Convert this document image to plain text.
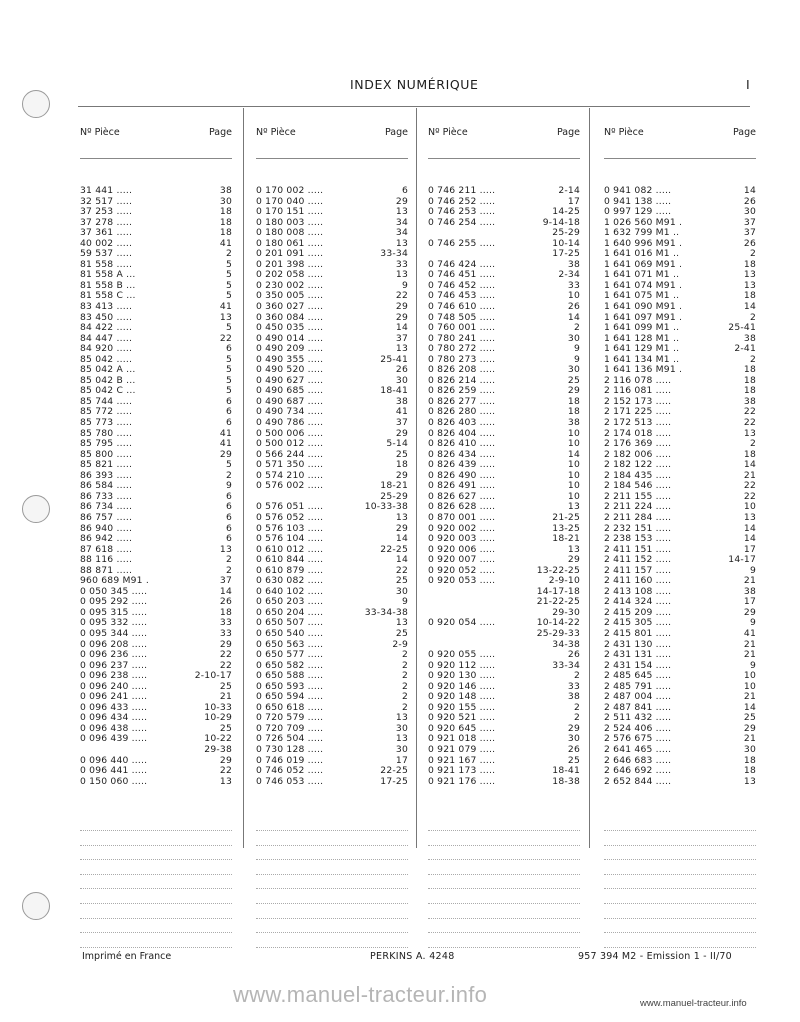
INDEX NUMÉRIQUE	I
Nº Pièce	Page
31 441 .....	38
32 517 .....	30
37 253 .....	18
37 278 .....	18
37 361 .....	18
40 002 .....	41
59 537 .....	2
81 558 .....	5
81 558 A ...	5
81 558 B ...	5
81 558 C ...	5
83 413 .....	41
83 450 .....	13
84 422 .....	5
84 447 .....	22
84 920 .....	6
85 042 .....	5
85 042 A ...	5
85 042 B ...	5
85 042 C ...	5
85 744 .....	6
85 772 .....	6
85 773 .....	6
85 780 .....	41
85 795 .....	41
85 800 .....	29
85 821 .....	5
86 393 .....	2
86 584 .....	9
86 733 .....	6
86 734 .....	6
86 757 .....	6
86 940 .....	6
86 942 .....	6
87 618 .....	13
88 116 .....	2
88 871 .....	2
960 689 M91 .	37
0 050 345 .....	14
0 095 292 .....	26
0 095 315 .....	18
0 095 332 .....	33
0 095 344 .....	33
0 096 208 .....	29
0 096 236 .....	22
0 096 237 .....	22
0 096 238 .....	2-10-17
0 096 240 .....	25
0 096 241 .....	21
0 096 433 .....	10-33
0 096 434 .....	10-29
0 096 438 .....	25
0 096 439 .....	10-22
29-38
0 096 440 .....	29
0 096 441 .....	22
0 150 060 .....	13
Nº Pièce	Page
0 170 002 .....	6
0 170 040 .....	29
0 170 151 .....	13
0 180 003 .....	34
0 180 008 .....	34
0 180 061 .....	13
0 201 091 .....	33-34
0 201 398 .....	33
0 202 058 .....	13
0 230 002 .....	9
0 350 005 .....	22
0 360 027 .....	29
0 360 084 .....	29
0 450 035 .....	14
0 490 014 .....	37
0 490 209 .....	13
0 490 355 .....	25-41
0 490 520 .....	26
0 490 627 .....	30
0 490 685 .....	18-41
0 490 687 .....	38
0 490 734 .....	41
0 490 786 .....	37
0 500 006 .....	29
0 500 012 .....	5-14
0 566 244 .....	25
0 571 350 .....	18
0 574 210 .....	29
0 576 002 .....	18-21
25-29
0 576 051 .....	10-33-38
0 576 052 .....	13
0 576 103 .....	29
0 576 104 .....	14
0 610 012 .....	22-25
0 610 844 .....	14
0 610 879 .....	22
0 630 082 .....	25
0 640 102 .....	30
0 650 203 .....	9
0 650 204 .....	33-34-38
0 650 507 .....	13
0 650 540 .....	25
0 650 563 .....	2-9
0 650 577 .....	2
0 650 582 .....	2
0 650 588 .....	2
0 650 593 .....	2
0 650 594 .....	2
0 650 618 .....	2
0 720 579 .....	13
0 720 709 .....	30
0 726 504 .....	13
0 730 128 .....	30
0 746 019 .....	17
0 746 052 .....	22-25
0 746 053 .....	17-25
Nº Pièce	Page
0 746 211 .....	2-14
0 746 252 .....	17
0 746 253 .....	14-25
0 746 254 .....	9-14-18
25-29
0 746 255 .....	10-14
17-25
0 746 424 .....	38
0 746 451 .....	2-34
0 746 452 .....	33
0 746 453 .....	10
0 746 610 .....	26
0 748 505 .....	14
0 760 001 .....	2
0 780 241 .....	30
0 780 272 .....	9
0 780 273 .....	9
0 826 208 .....	30
0 826 214 .....	25
0 826 259 .....	29
0 826 277 .....	18
0 826 280 .....	18
0 826 403 .....	38
0 826 404 .....	10
0 826 410 .....	10
0 826 434 .....	14
0 826 439 .....	10
0 826 490 .....	10
0 826 491 .....	10
0 826 627 .....	10
0 826 628 .....	13
0 870 001 .....	21-25
0 920 002 .....	13-25
0 920 003 .....	18-21
0 920 006 .....	13
0 920 007 .....	29
0 920 052 .....	13-22-25
0 920 053 .....	2-9-10
14-17-18
21-22-25
29-30
0 920 054 .....	10-14-22
25-29-33
34-38
0 920 055 .....	26
0 920 112 .....	33-34
0 920 130 .....	2
0 920 146 .....	33
0 920 148 .....	38
0 920 155 .....	2
0 920 521 .....	2
0 920 645 .....	29
0 921 018 .....	30
0 921 079 .....	26
0 921 167 .....	25
0 921 173 .....	18-41
0 921 176 .....	18-38
Nº Pièce	Page
0 941 082 .....	14
0 941 138 .....	26
0 997 129 .....	30
1 026 560 M91 .	37
1 632 799 M1 ..	37
1 640 996 M91 .	26
1 641 016 M1 ..	2
1 641 069 M91 .	18
1 641 071 M1 ..	13
1 641 074 M91 .	13
1 641 075 M1 ..	18
1 641 090 M91 .	14
1 641 097 M91 .	2
1 641 099 M1 ..	25-41
1 641 128 M1 ..	38
1 641 129 M1 ..	2-41
1 641 134 M1 ..	2
1 641 136 M91 .	18
2 116 078 .....	18
2 116 081 .....	18
2 152 173 .....	38
2 171 225 .....	22
2 172 513 .....	22
2 174 018 .....	13
2 176 369 .....	2
2 182 006 .....	18
2 182 122 .....	14
2 184 435 .....	21
2 184 546 .....	22
2 211 155 .....	22
2 211 224 .....	10
2 211 284 .....	13
2 232 151 .....	14
2 238 153 .....	14
2 411 151 .....	17
2 411 152 .....	14-17
2 411 157 .....	9
2 411 160 .....	21
2 413 108 .....	38
2 414 324 .....	17
2 415 209 .....	29
2 415 305 .....	9
2 415 801 .....	41
2 431 130 .....	21
2 431 131 .....	21
2 431 154 .....	9
2 485 645 .....	10
2 485 791 .....	10
2 487 004 .....	21
2 487 841 .....	14
2 511 432 .....	25
2 524 406 .....	29
2 576 675 .....	21
2 641 465 .....	30
2 646 683 .....	18
2 646 692 .....	18
2 652 844 .....	13
Imprimé en France	PERKINS A. 4248	957 394 M2 - Emission 1 - II/70
www.manuel-tracteur.info	www.manuel-tracteur.info
